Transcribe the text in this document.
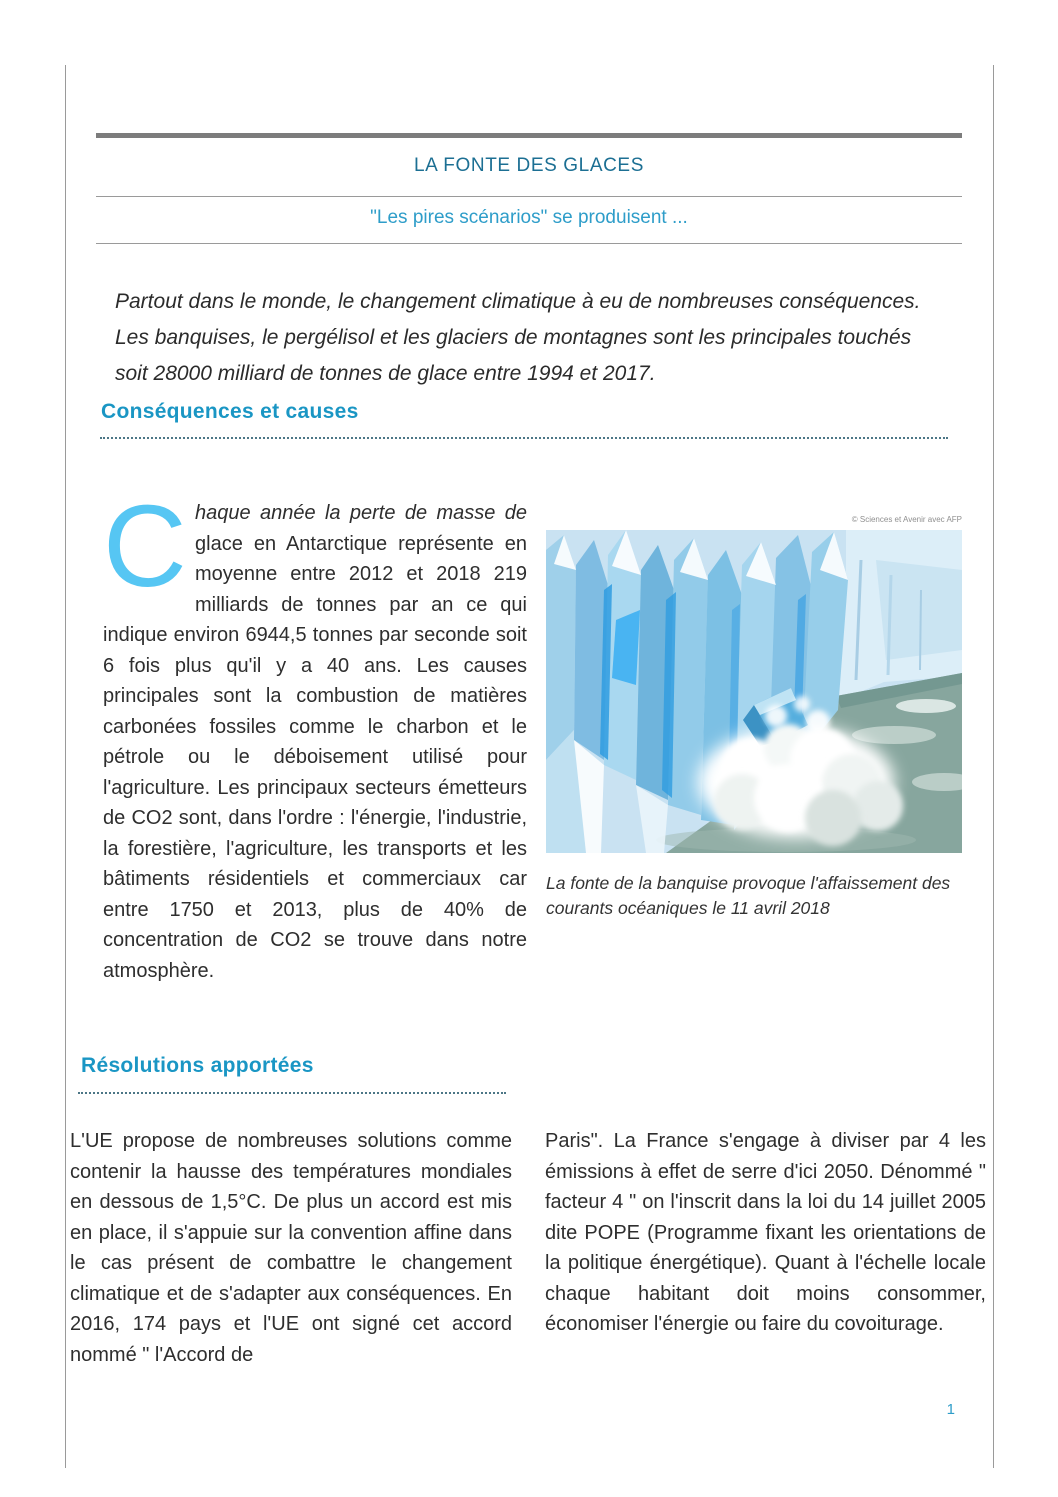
LA FONTE DES GLACES
"Les pires scénarios" se produisent ...

Partout dans le monde, le changement climatique à eu de nombreuses conséquences. Les banquises, le pergélisol et les glaciers de montagnes sont les principales touchés soit 28000 milliard de tonnes de glace entre 1994 et 2017.

Conséquences et causes

C haque année la perte de masse de glace en Antarctique représente en moyenne entre 2012 et 2018 219 milliards de tonnes par an ce qui indique environ 6944,5 tonnes par seconde soit 6 fois plus qu'il y a 40 ans. Les causes principales sont la combustion de matières carbonées fossiles comme le charbon et le pétrole ou le déboisement utilisé pour l'agriculture. Les principaux secteurs émetteurs de CO2 sont, dans l'ordre : l'énergie, l'industrie, la forestière, l'agriculture, les transports et les bâtiments résidentiels et commerciaux car entre 1750 et 2013, plus de 40% de concentration de CO2 se trouve dans notre atmosphère.

© Sciences et Avenir avec AFP

La fonte de la banquise provoque l'affaissement des courants océaniques le 11 avril 2018

Résolutions apportées

L'UE propose de nombreuses solutions comme contenir la hausse des températures mondiales en dessous de 1,5°C. De plus un accord est mis en place, il s'appuie sur la convention affine dans le cas présent de combattre le changement climatique et de s'adapter aux conséquences. En 2016, 174 pays et l'UE ont signé cet accord nommé " l'Accord de

Paris". La France s'engage à diviser par 4 les émissions à effet de serre d'ici 2050. Dénommé " facteur 4 " on l'inscrit dans la loi du 14 juillet 2005 dite POPE (Programme fixant les orientations de la politique énergétique). Quant à l'échelle locale chaque habitant doit moins consommer, économiser l'énergie ou faire du covoiturage.

1
